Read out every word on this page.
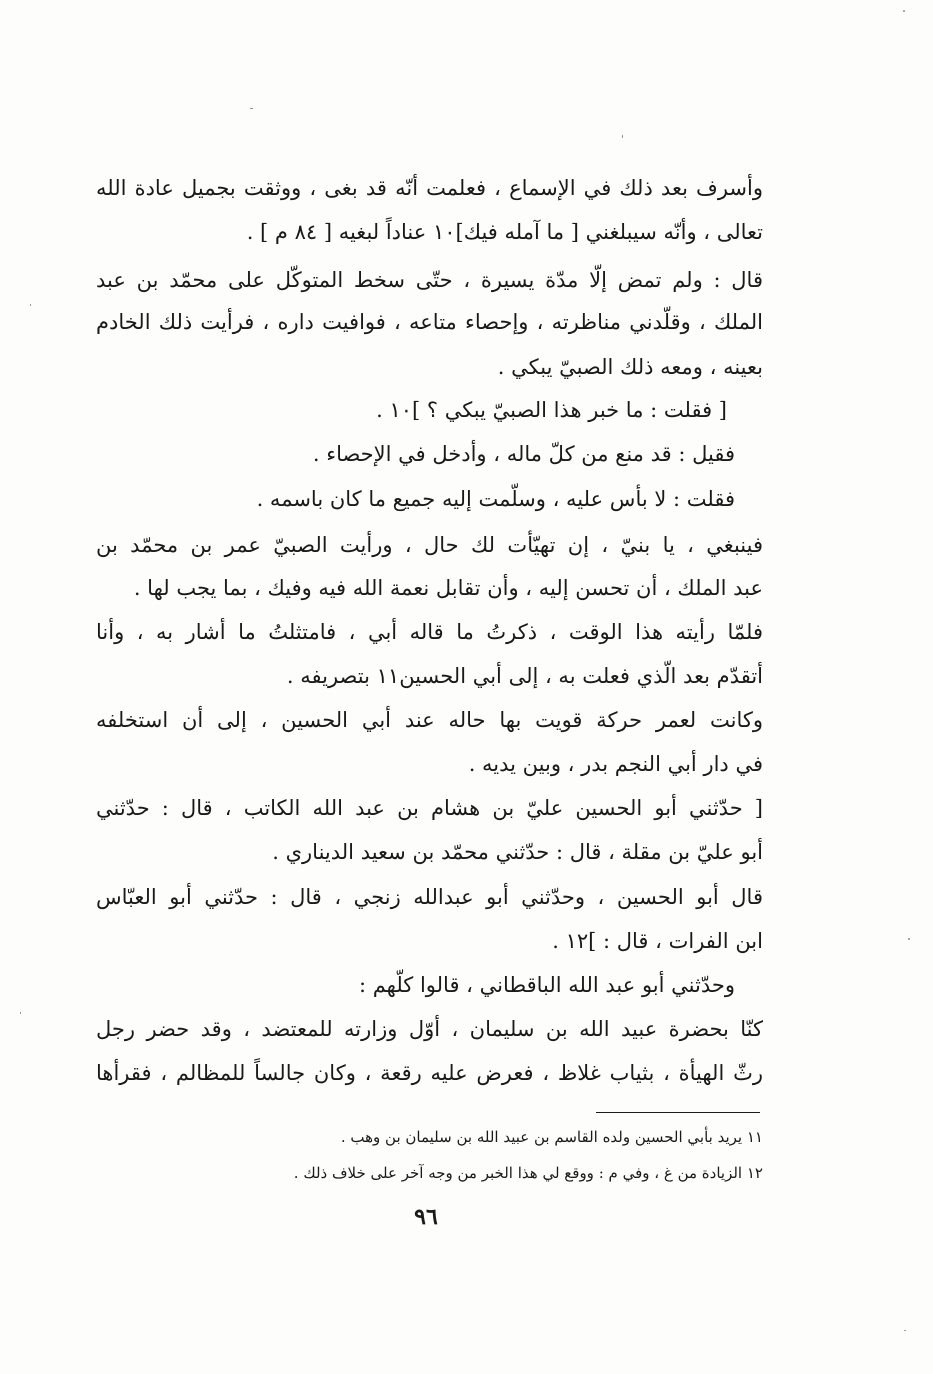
وأسرف بعد ذلك في الإسماع ، فعلمت أنّه قد بغى ، ووثقت بجميل عادة الله
تعالى ، وأنّه سيبلغني [ ما آمله فيك]١٠ عناداً لبغيه [ ٨٤ م ] .
قال : ولم تمض إلّا مدّة يسيرة ، حتّى سخط المتوكّل على محمّد بن عبد
الملك ، وقلّدني مناظرته ، وإحصاء متاعه ، فوافيت داره ، فرأيت ذلك الخادم
بعينه ، ومعه ذلك الصبيّ يبكي .
[ فقلت : ما خبر هذا الصبيّ يبكي ؟ ]١٠ .
فقيل : قد منع من كلّ ماله ، وأدخل في الإحصاء .
فقلت : لا بأس عليه ، وسلّمت إليه جميع ما كان باسمه .
فينبغي ، يا بنيّ ، إن تهيّأت لك حال ، ورأيت الصبيّ عمر بن محمّد بن
عبد الملك ، أن تحسن إليه ، وأن تقابل نعمة الله فيه وفيك ، بما يجب لها .
فلمّا رأيته هذا الوقت ، ذكرتُ ما قاله أبي ، فامتثلتُ ما أشار به ، وأنا
أتقدّم بعد الّذي فعلت به ، إلى أبي الحسين١١ بتصريفه .
وكانت لعمر حركة قويت بها حاله عند أبي الحسين ، إلى أن استخلفه
في دار أبي النجم بدر ، وبين يديه .
[ حدّثني أبو الحسين عليّ بن هشام بن عبد الله الكاتب ، قال : حدّثني
أبو عليّ بن مقلة ، قال : حدّثني محمّد بن سعيد الديناري .
قال أبو الحسين ، وحدّثني أبو عبدالله زنجي ، قال : حدّثني أبو العبّاس
ابن الفرات ، قال : ]١٢ .
وحدّثني أبو عبد الله الباقطاني ، قالوا كلّهم :
كنّا بحضرة عبيد الله بن سليمان ، أوّل وزارته للمعتضد ، وقد حضر رجل
رثّ الهيأة ، بثياب غلاظ ، فعرض عليه رقعة ، وكان جالساً للمظالم ، فقرأها
١١ يريد بأبي الحسين ولده القاسم بن عبيد الله بن سليمان بن وهب .
١٢ الزيادة من غ ، وفي م : ووقع لي هذا الخبر من وجه آخر على خلاف ذلك .
٩٦
